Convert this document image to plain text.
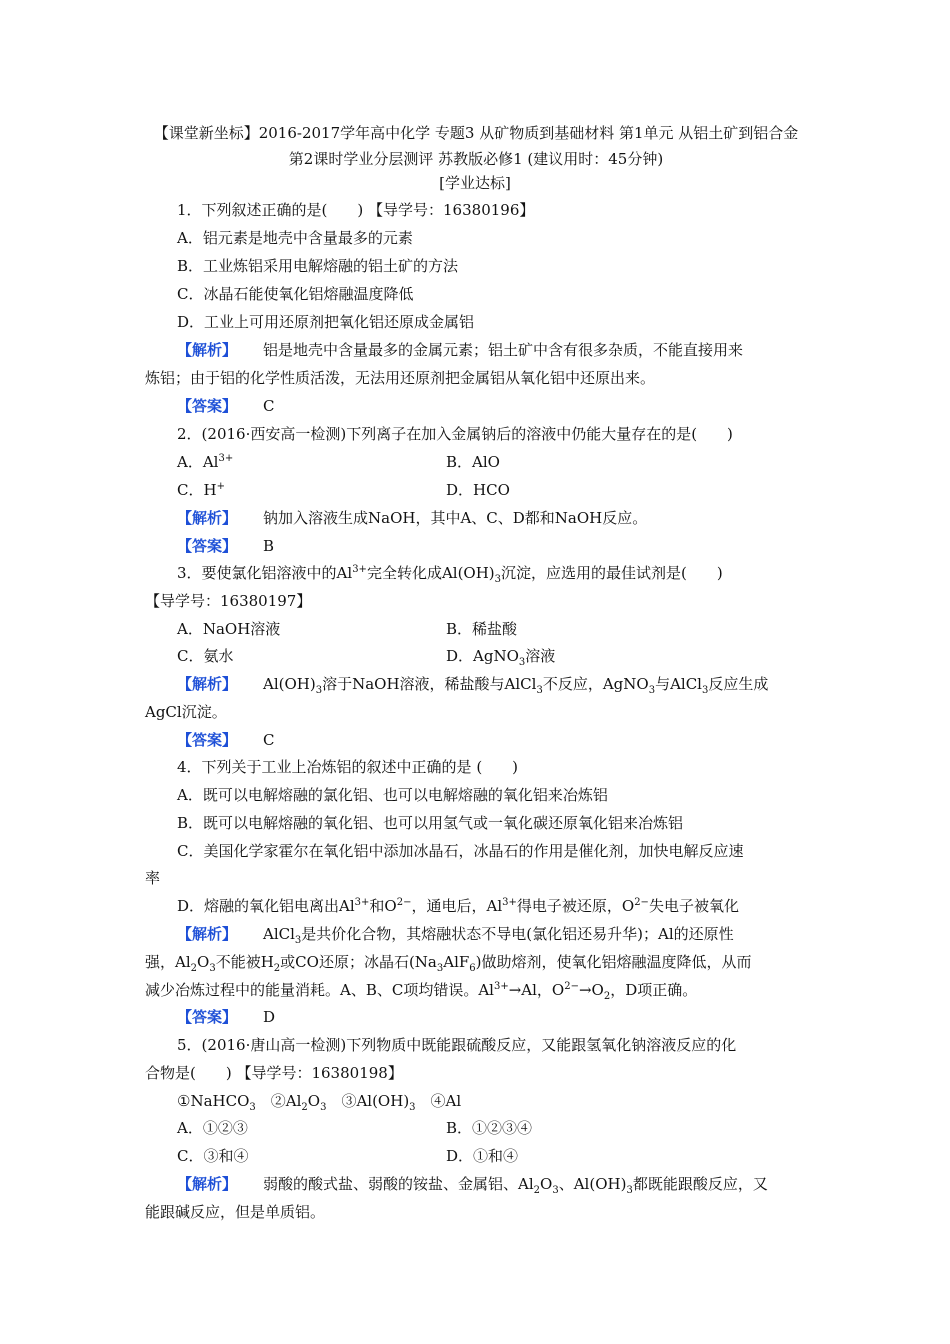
【课堂新坐标】2016-2017学年高中化学 专题3 从矿物质到基础材料 第1单元 从铝土矿到铝合金 第2课时学业分层测评 苏教版必修1 (建议用时：45分钟)
[学业达标]
1．下列叙述正确的是(　　) 【导学号：16380196】
A．铝元素是地壳中含量最多的元素
B．工业炼铝采用电解熔融的铝土矿的方法
C．冰晶石能使氧化铝熔融温度降低
D．工业上可用还原剂把氧化铝还原成金属铝
【解析】 铝是地壳中含量最多的金属元素；铝土矿中含有很多杂质，不能直接用来
炼铝；由于铝的化学性质活泼，无法用还原剂把金属铝从氧化铝中还原出来。
【答案】 C
2．(2016·西安高一检测)下列离子在加入金属钠后的溶液中仍能大量存在的是(　　)
A．$Al^{3+}$	B．AlO
C．H+	D．HCO
【解析】 钠加入溶液生成NaOH，其中A、C、D都和NaOH反应。
【答案】 B
3．要使氯化铝溶液中的$Al^{3+}$完全转化成$Al(OH)_3$沉淀，应选用的最佳试剂是(　　)
【导学号：16380197】
A．NaOH溶液	B．稀盐酸
C．氨水	D．AgNO$_3$溶液
【解析】 $Al(OH)_3$溶于NaOH溶液，稀盐酸与AlCl$_3$不反应，AgNO$_3$与AlCl$_3$反应生成
AgCl沉淀。
【答案】 C
4．下列关于工业上冶炼铝的叙述中正确的是 (　　)
A．既可以电解熔融的氯化铝、也可以电解熔融的氧化铝来冶炼铝
B．既可以电解熔融的氧化铝、也可以用氢气或一氧化碳还原氧化铝来冶炼铝
C．美国化学家霍尔在氧化铝中添加冰晶石，冰晶石的作用是催化剂，加快电解反应速
率
D．熔融的氧化铝电离出$Al^{3+}$和$O^{2-}$，通电后，$Al^{3+}$得电子被还原，$O^{2-}$失电子被氧化
【解析】 AlCl$_3$是共价化合物，其熔融状态不导电(氯化铝还易升华)；Al的还原性
强，$Al_2O_3$不能被$H_2$或CO还原；冰晶石$(Na_3AlF_6)$做助熔剂，使氧化铝熔融温度降低，从而
减少冶炼过程中的能量消耗。A、B、C项均错误。$Al^{3+}\to Al$，$O^{2-}\to O_2$，D项正确。
【答案】 D
5．(2016·唐山高一检测)下列物质中既能跟硫酸反应，又能跟氢氧化钠溶液反应的化
合物是(　　) 【导学号：16380198】
①NaHCO$_3$　$②Al_2O_3$　$③Al(OH)_3$　④Al
A．①②③	B．①②③④
C．③和④	D．①和④
【解析】 弱酸的酸式盐、弱酸的铵盐、金属铝、$Al_2O_3$、$Al(OH)_3$都既能跟酸反应，又
能跟碱反应，但是单质铝。
